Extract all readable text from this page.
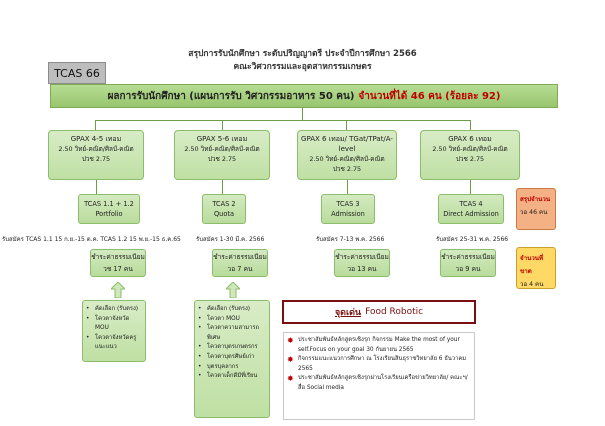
สรุปการรับนักศึกษา ระดับปริญญาตรี ประจำปีการศึกษา 2566
คณะวิศวกรรมและอุตสาหกรรมเกษตร
TCAS 66
ผลการรับนักศึกษา (แผนการรับ วิศวกรรมอาหาร 50 คน) จำนวนที่ได้ 46 คน (ร้อยละ 92)
GPAX 4-5 เทอม
2.50 วิทย์-คณิต/ศิลป์-คณิต
ปวช 2.75
GPAX 5-6 เทอม
2.50 วิทย์-คณิต/ศิลป์-คณิต
ปวช 2.75
GPAX 6 เทอม/ TGat/TPat/A-level
2.50 วิทย์-คณิต/ศิลป์-คณิต
ปวช 2.75
GPAX 6 เทอม
2.50 วิทย์-คณิต/ศิลป์-คณิต
ปวช 2.75
TCAS 1.1 + 1.2
Portfolio
TCAS 2
Quota
TCAS 3
Admission
TCAS 4
Direct Admission
รับสมัคร TCAS 1.1 15 ก.ย.-15 ต.ค. TCAS 1.2 15 พ.ย.-15 ธ.ค.65	รับสมัคร 1-30 มี.ค. 2566	รับสมัคร 7-13 พ.ค. 2566	รับสมัคร 25-31 พ.ค. 2566
ชำระค่าธรรมเนียม
วช 17 คน
ชำระค่าธรรมเนียม
วอ 7 คน
ชำระค่าธรรมเนียม
วอ 13 คน
ชำระค่าธรรมเนียม
วอ 9 คน
สรุปจำนวน
วอ 46 คน
จำนวนที่ขาด
วอ 4 คน
• คัดเลือก (รับตรง)
• โควตาจังหวัด MOU
• โควตาจังหวัดครู แนะแนว
• คัดเลือก (รับตรง)
• โควตา MOU
• โควตาความสามารถพิเศษ
• โควตาบุตรเกษตรกร
• โควตาบุตรศิษย์เก่า
• บุตรบุคลากร
• โควตาเด็กดีมีที่เรียน
จุดเด่น Food Robotic
✸ ประชาสัมพันธ์หลักสูตรเชิงรุก กิจกรรม Make the most of your self.Focus on your goal 30 กันยายน 2565
✸ กิจกรรมแนะแนวการศึกษา ณ โรงเรียนสินธุราชวิทยาลัย 6 ธันวาคม 2565
✸ ประชาสัมพันธ์หลักสูตรเชิงรุกผ่านโรงเรียนเครือข่ายวิทยาลัย/ คณะฯ/สื่อ Social media
